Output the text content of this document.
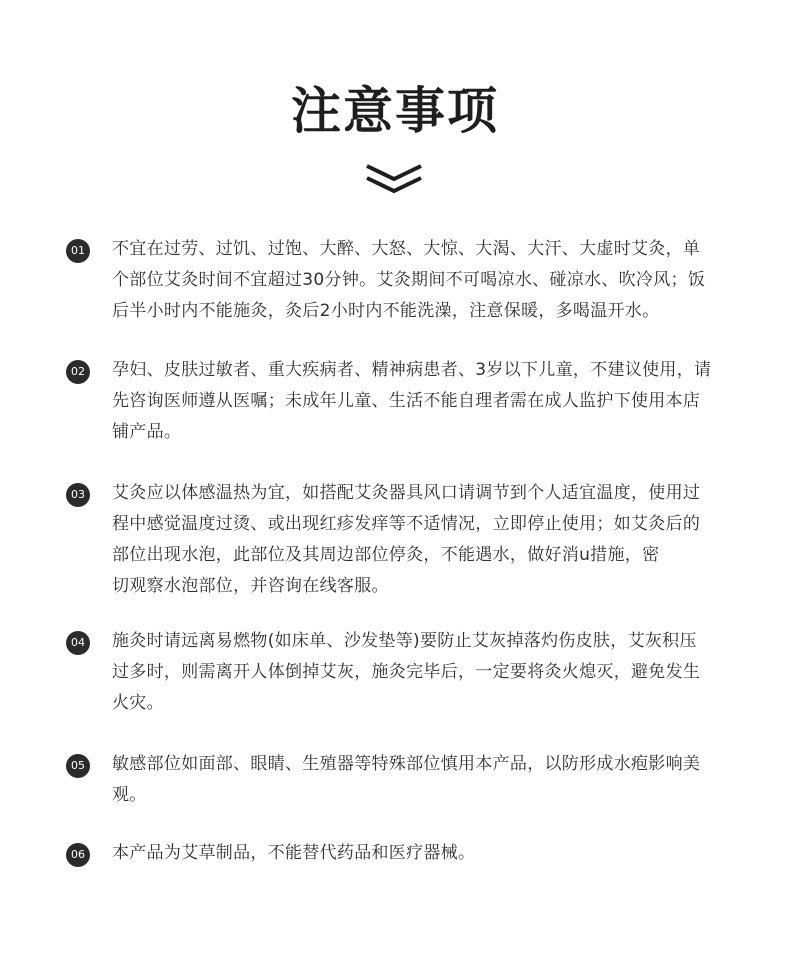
注意事项
01 不宜在过劳、过饥、过饱、大醉、大怒、大惊、大渴、大汗、大虚时艾灸，单
个部位艾灸时间不宜超过30分钟。艾灸期间不可喝凉水、碰凉水、吹冷风；饭
后半小时内不能施灸，灸后2小时内不能洗澡，注意保暖，多喝温开水。
02 孕妇、皮肤过敏者、重大疾病者、精神病患者、3岁以下儿童，不建议使用，请
先咨询医师遵从医嘱；未成年儿童、生活不能自理者需在成人监护下使用本店
铺产品。
03 艾灸应以体感温热为宜，如搭配艾灸器具风口请调节到个人适宜温度，使用过
程中感觉温度过烫、或出现红疹发痒等不适情况，立即停止使用；如艾灸后的
部位出现水泡，此部位及其周边部位停灸，不能遇水，做好消u措施，密
切观察水泡部位，并咨询在线客服。
04 施灸时请远离易燃物(如床单、沙发垫等)要防止艾灰掉落灼伤皮肤，艾灰积压
过多时，则需离开人体倒掉艾灰，施灸完毕后，一定要将灸火熄灭，避免发生
火灾。
05 敏感部位如面部、眼睛、生殖器等特殊部位慎用本产品，以防形成水疱影响美
观。
06 本产品为艾草制品，不能替代药品和医疗器械。
